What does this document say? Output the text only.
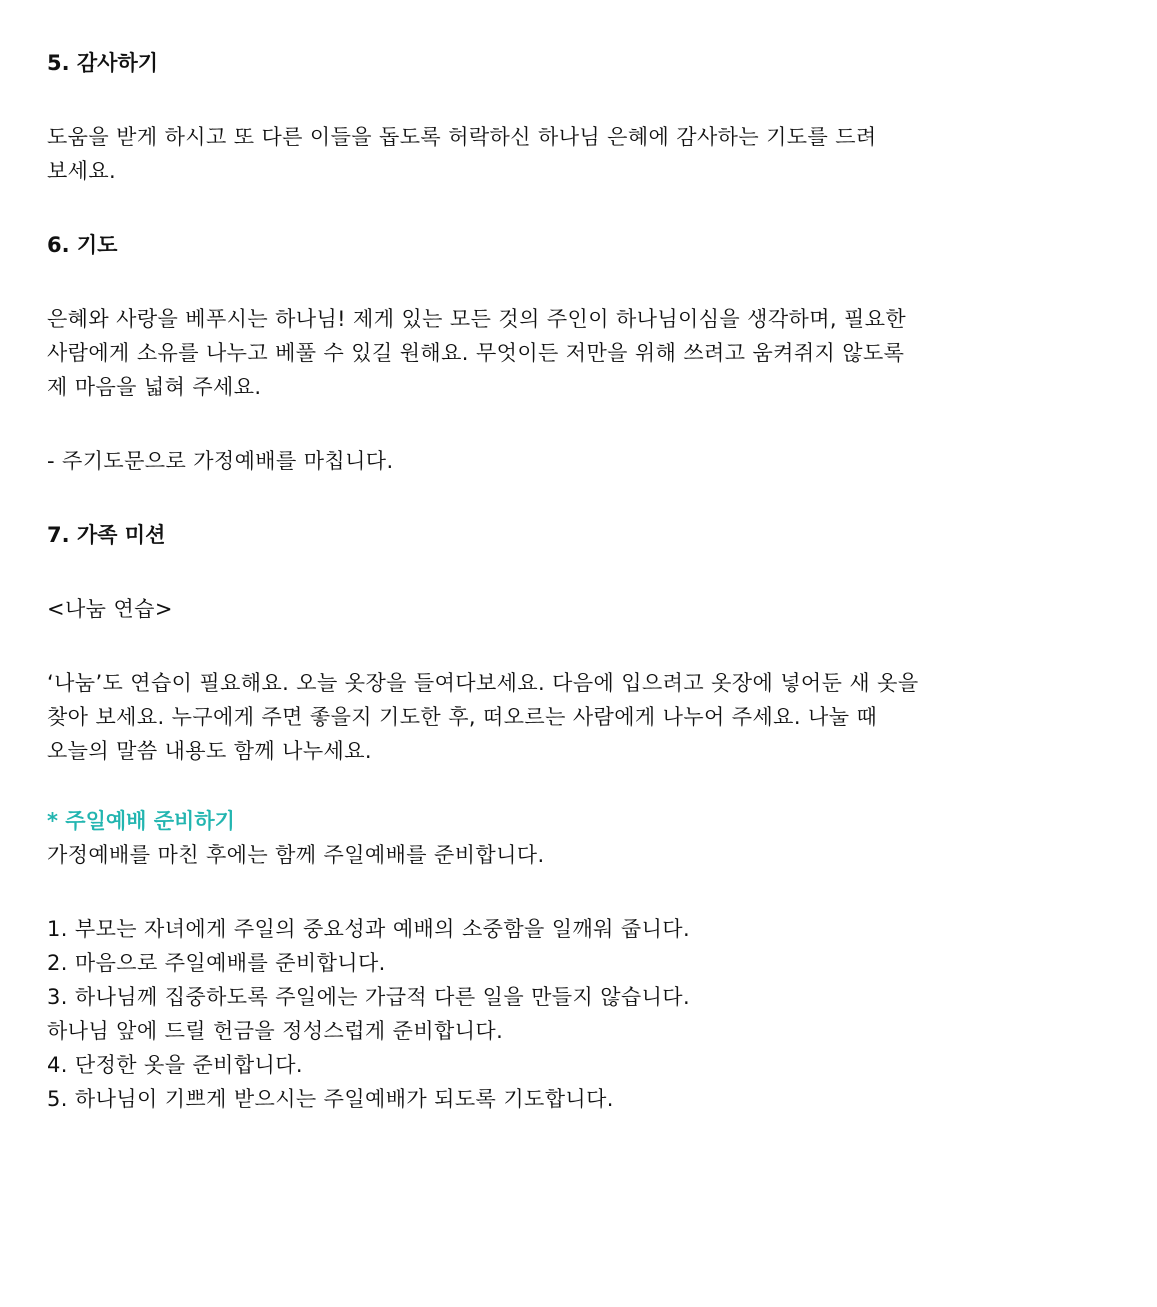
5. 감사하기

도움을 받게 하시고 또 다른 이들을 돕도록 허락하신 하나님 은혜에 감사하는 기도를 드려

보세요.

6. 기도

은혜와 사랑을 베푸시는 하나님! 제게 있는 모든 것의 주인이 하나님이심을 생각하며, 필요한

사람에게 소유를 나누고 베풀 수 있길 원해요. 무엇이든 저만을 위해 쓰려고 움켜쥐지 않도록

제 마음을 넓혀 주세요.

- 주기도문으로 가정예배를 마칩니다.

7. 가족 미션

<나눔 연습>

‘나눔’도 연습이 필요해요. 오늘 옷장을 들여다보세요. 다음에 입으려고 옷장에 넣어둔 새 옷을

찾아 보세요. 누구에게 주면 좋을지 기도한 후, 떠오르는 사람에게 나누어 주세요. 나눌 때

오늘의 말씀 내용도 함께 나누세요.

* 주일예배 준비하기

가정예배를 마친 후에는 함께 주일예배를 준비합니다.

1. 부모는 자녀에게 주일의 중요성과 예배의 소중함을 일깨워 줍니다.

2. 마음으로 주일예배를 준비합니다.

3. 하나님께 집중하도록 주일에는 가급적 다른 일을 만들지 않습니다.

하나님 앞에 드릴 헌금을 정성스럽게 준비합니다.

4. 단정한 옷을 준비합니다.

5. 하나님이 기쁘게 받으시는 주일예배가 되도록 기도합니다.
